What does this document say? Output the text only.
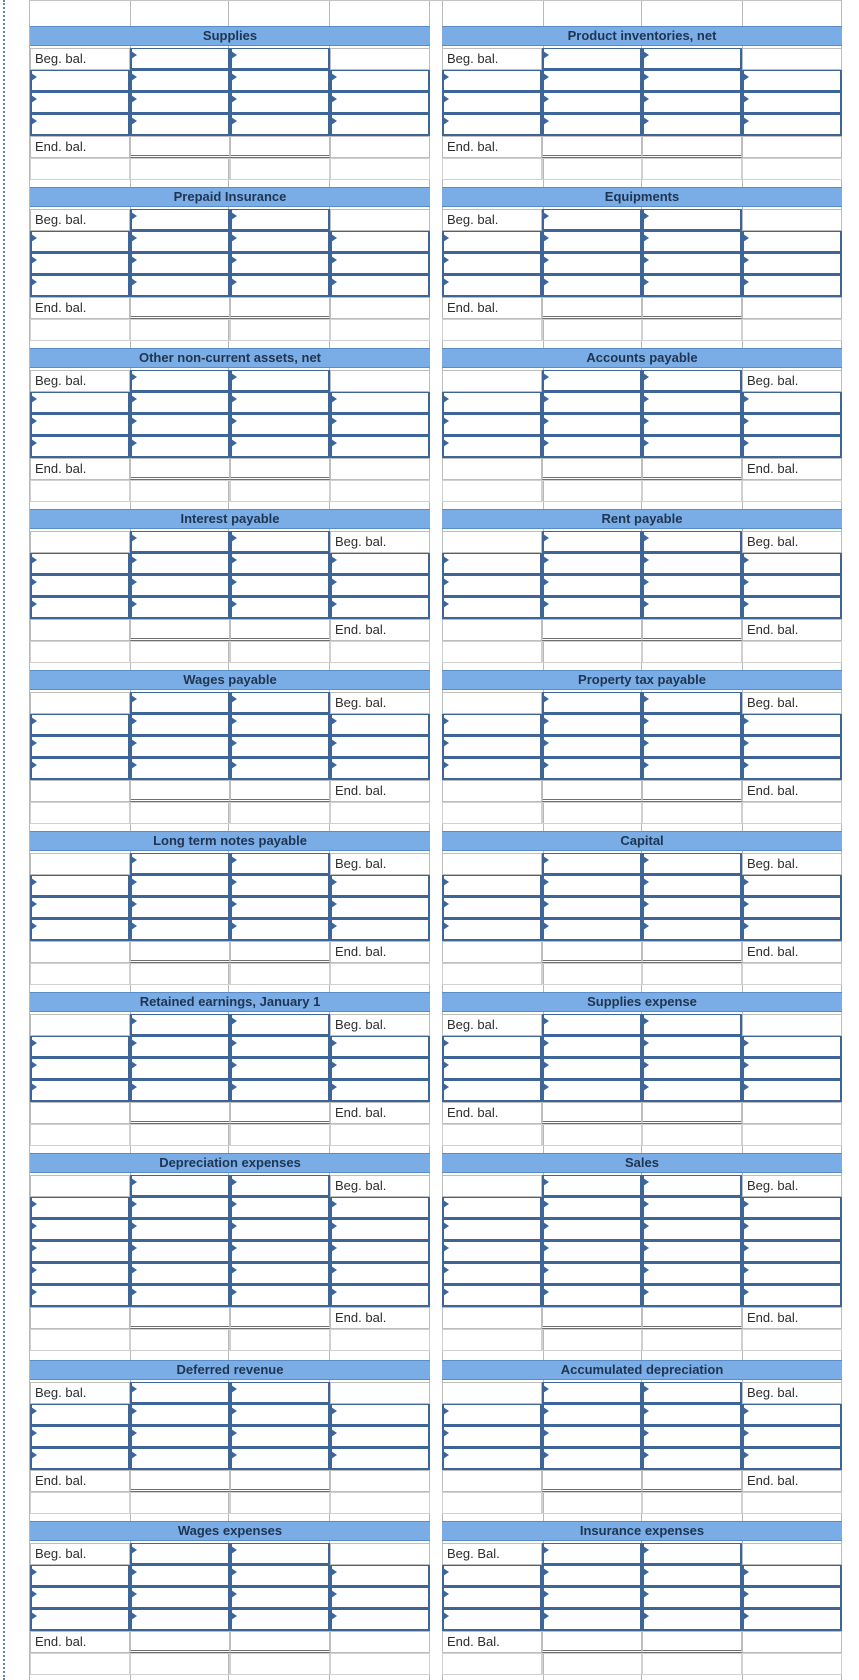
Supplies
Beg. bal.
End. bal.
Product inventories, net
Beg. bal.
End. bal.
Prepaid Insurance
Beg. bal.
End. bal.
Equipments
Beg. bal.
End. bal.
Other non-current assets, net
Beg. bal.
End. bal.
Accounts payable
Beg. bal.
End. bal.
Interest payable
Beg. bal.
End. bal.
Rent payable
Beg. bal.
End. bal.
Wages payable
Beg. bal.
End. bal.
Property tax payable
Beg. bal.
End. bal.
Long term notes payable
Beg. bal.
End. bal.
Capital
Beg. bal.
End. bal.
Retained earnings, January 1
Beg. bal.
End. bal.
Supplies expense
Beg. bal.
End. bal.
Depreciation expenses
Beg. bal.
End. bal.
Sales
Beg. bal.
End. bal.
Deferred revenue
Beg. bal.
End. bal.
Accumulated depreciation
Beg. bal.
End. bal.
Wages expenses
Beg. bal.
End. bal.
Insurance expenses
Beg. Bal.
End. Bal.
